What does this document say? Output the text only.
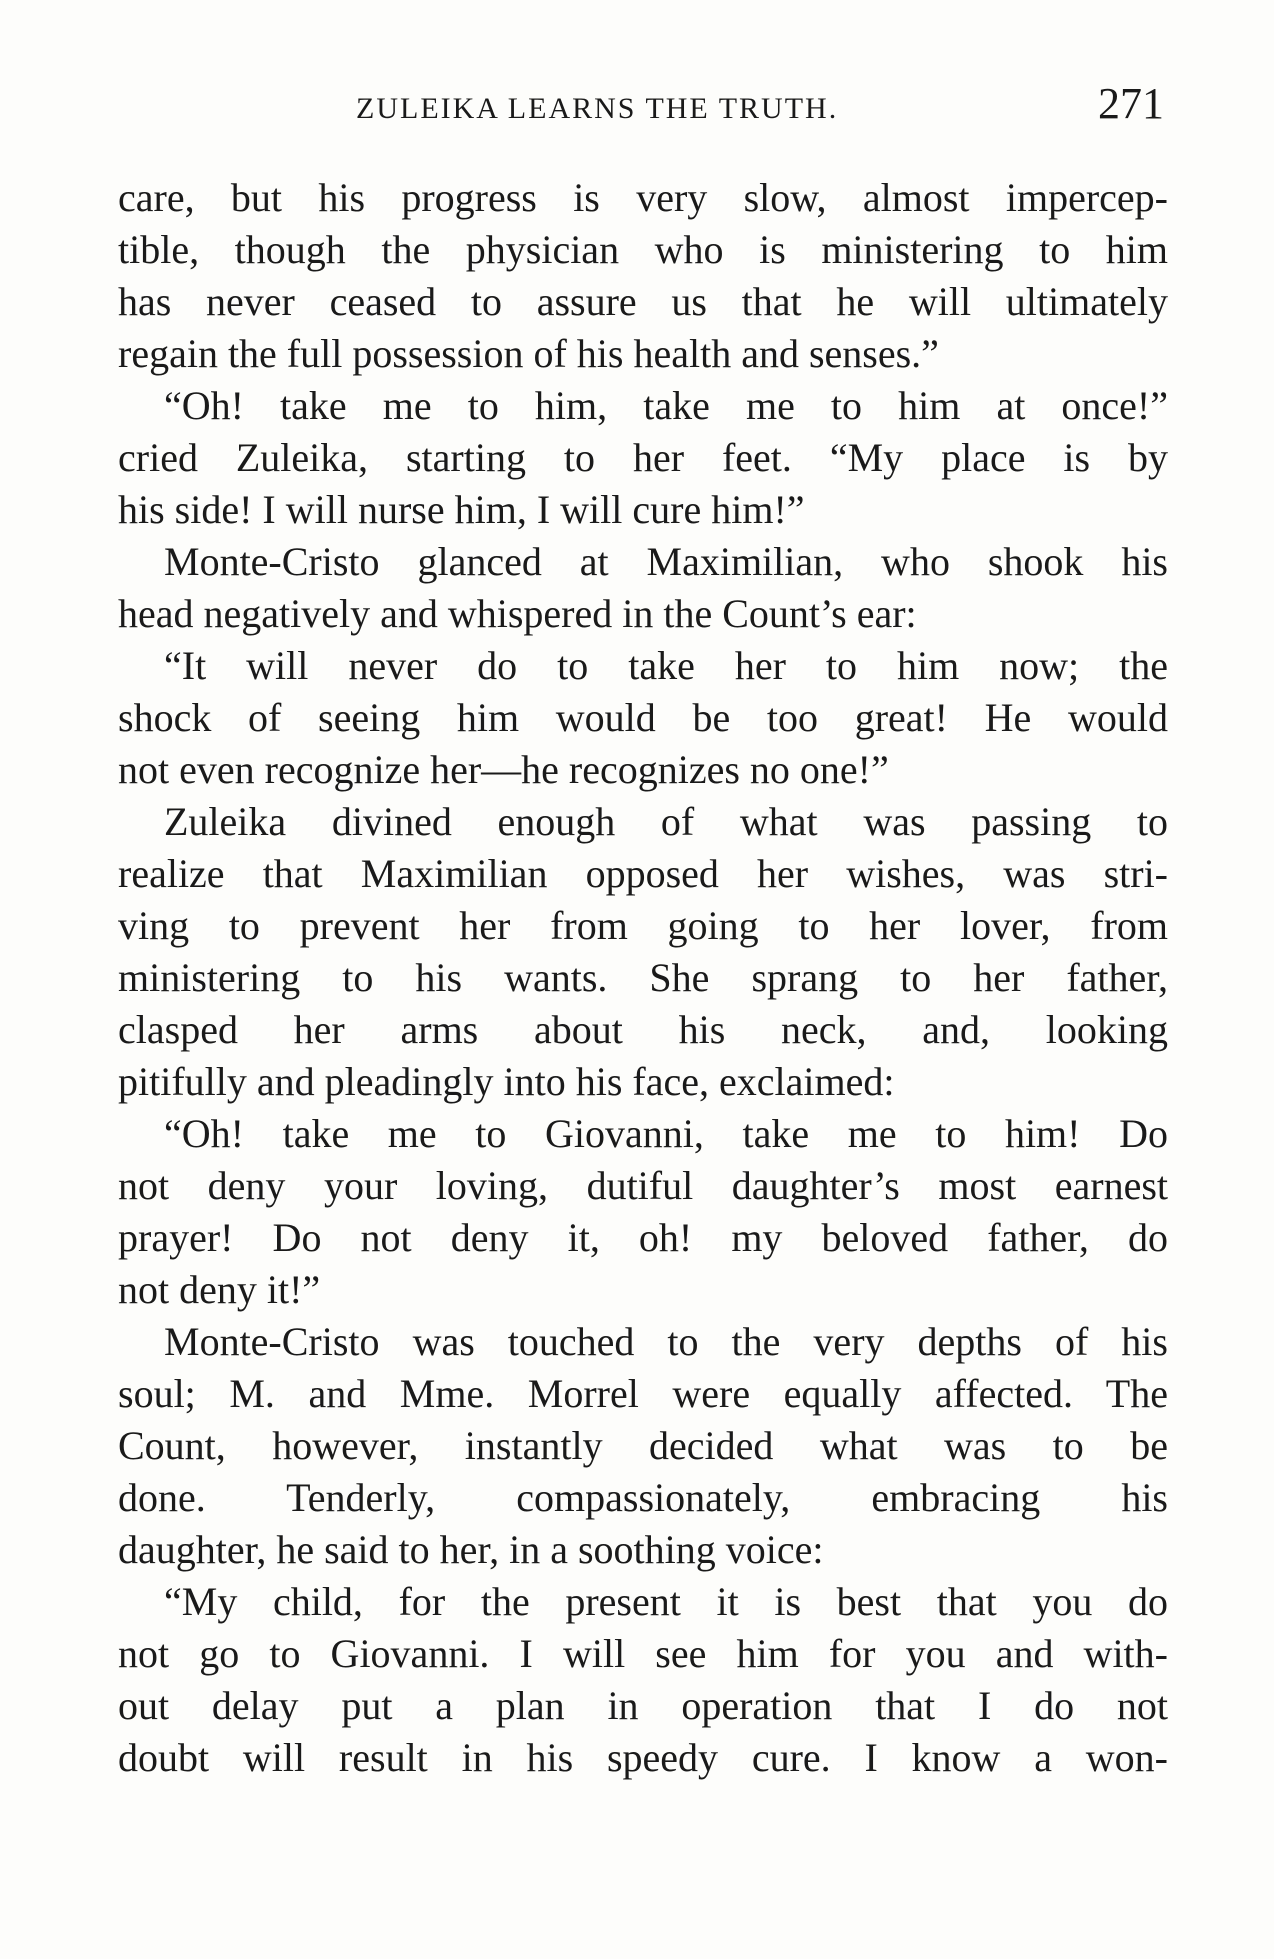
ZULEIKA LEARNS THE TRUTH.	271
care, but his progress is very slow, almost impercep-
tible, though the physician who is ministering to him
has never ceased to assure us that he will ultimately
regain the full possession of his health and senses.”
“Oh! take me to him, take me to him at once!”
cried Zuleika, starting to her feet. “My place is by
his side! I will nurse him, I will cure him!”
Monte-Cristo glanced at Maximilian, who shook his
head negatively and whispered in the Count’s ear:
“It will never do to take her to him now; the
shock of seeing him would be too great! He would
not even recognize her—he recognizes no one!”
Zuleika divined enough of what was passing to
realize that Maximilian opposed her wishes, was stri-
ving to prevent her from going to her lover, from
ministering to his wants. She sprang to her father,
clasped her arms about his neck, and, looking
pitifully and pleadingly into his face, exclaimed:
“Oh! take me to Giovanni, take me to him! Do
not deny your loving, dutiful daughter’s most earnest
prayer! Do not deny it, oh! my beloved father, do
not deny it!”
Monte-Cristo was touched to the very depths of his
soul; M. and Mme. Morrel were equally affected. The
Count, however, instantly decided what was to be
done. Tenderly, compassionately, embracing his
daughter, he said to her, in a soothing voice:
“My child, for the present it is best that you do
not go to Giovanni. I will see him for you and with-
out delay put a plan in operation that I do not
doubt will result in his speedy cure. I know a won-
